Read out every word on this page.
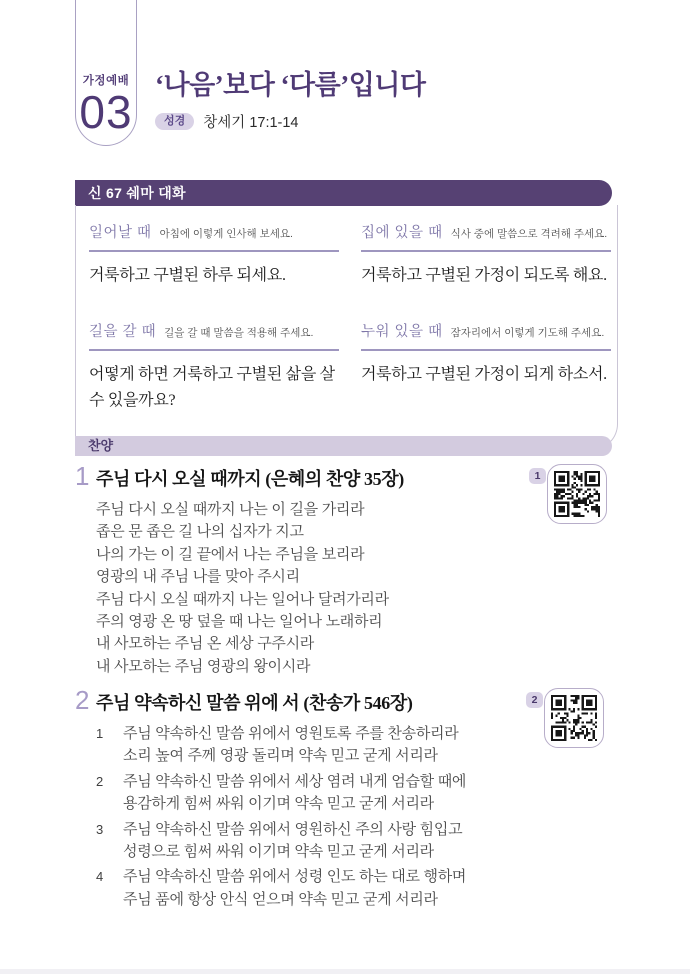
가정예배
03
‘나음’보다 ‘다름’입니다
성경	창세기 17:1-14
신 67 쉐마 대화
일어날 때 아침에 이렇게 인사해 보세요.
거룩하고 구별된 하루 되세요.
집에 있을 때 식사 중에 말씀으로 격려해 주세요.
거룩하고 구별된 가정이 되도록 해요.
길을 갈 때 길을 갈 때 말씀을 적용해 주세요.
어떻게 하면 거룩하고 구별된 삶을 살 수 있을까요?
누워 있을 때 잠자리에서 이렇게 기도해 주세요.
거룩하고 구별된 가정이 되게 하소서.
찬양
1 주님 다시 오실 때까지 (은혜의 찬양 35장)
주님 다시 오실 때까지 나는 이 길을 가리라
좁은 문 좁은 길 나의 십자가 지고
나의 가는 이 길 끝에서 나는 주님을 보리라
영광의 내 주님 나를 맞아 주시리
주님 다시 오실 때까지 나는 일어나 달려가리라
주의 영광 온 땅 덮을 때 나는 일어나 노래하리
내 사모하는 주님 온 세상 구주시라
내 사모하는 주님 영광의 왕이시라
2 주님 약속하신 말씀 위에 서 (찬송가 546장)
1	주님 약속하신 말씀 위에서 영원토록 주를 찬송하리라
소리 높여 주께 영광 돌리며 약속 믿고 굳게 서리라
2	주님 약속하신 말씀 위에서 세상 염려 내게 엄습할 때에
용감하게 힘써 싸워 이기며 약속 믿고 굳게 서리라
3	주님 약속하신 말씀 위에서 영원하신 주의 사랑 힘입고
성령으로 힘써 싸워 이기며 약속 믿고 굳게 서리라
4	주님 약속하신 말씀 위에서 성령 인도 하는 대로 행하며
주님 품에 항상 안식 얻으며 약속 믿고 굳게 서리라
1
2
